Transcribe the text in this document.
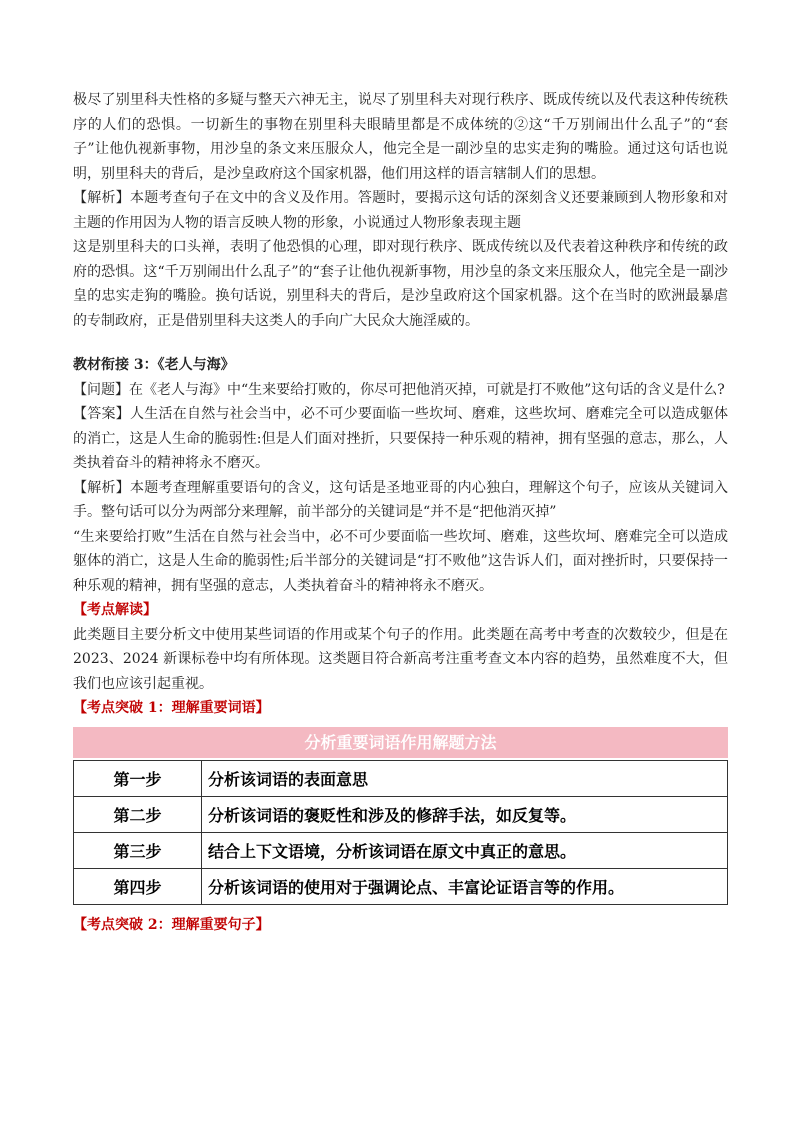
极尽了别里科夫性格的多疑与整天六神无主，说尽了别里科夫对现行秩序、既成传统以及代表这种传统秩序的人们的恐惧。一切新生的事物在别里科夫眼睛里都是不成体统的②这“千万别闹出什么乱子”的“套子”让他仇视新事物，用沙皇的条文来压服众人，他完全是一副沙皇的忠实走狗的嘴脸。通过这句话也说明，别里科夫的背后，是沙皇政府这个国家机器，他们用这样的语言辖制人们的思想。

【解析】本题考查句子在文中的含义及作用。答题时，要揭示这句话的深刻含义还要兼顾到人物形象和对主题的作用因为人物的语言反映人物的形象，小说通过人物形象表现主题

这是别里科夫的口头禅，表明了他恐惧的心理，即对现行秩序、既成传统以及代表着这种秩序和传统的政府的恐惧。这“千万别闹出什么乱子”的“套子让他仇视新事物，用沙皇的条文来压服众人，他完全是一副沙皇的忠实走狗的嘴脸。换句话说，别里科夫的背后，是沙皇政府这个国家机器。这个在当时的欧洲最暴虐的专制政府，正是借别里科夫这类人的手向广大民众大施淫威的。

教材衔接 3：《老人与海》

【问题】在《老人与海》中“生来要给打败的，你尽可把他消灭掉，可就是打不败他”这句话的含义是什么?

【答案】人生活在自然与社会当中，必不可少要面临一些坎坷、磨难，这些坎坷、磨难完全可以造成躯体的消亡，这是人生命的脆弱性:但是人们面对挫折，只要保持一种乐观的精神，拥有坚强的意志，那么，人类执着奋斗的精神将永不磨灭。

【解析】本题考查理解重要语句的含义，这句话是圣地亚哥的内心独白，理解这个句子，应该从关键词入手。整句话可以分为两部分来理解，前半部分的关键词是“并不是“把他消灭掉”

“生来要给打败”生活在自然与社会当中，必不可少要面临一些坎坷、磨难，这些坎坷、磨难完全可以造成躯体的消亡，这是人生命的脆弱性;后半部分的关键词是“打不败他”这告诉人们，面对挫折时，只要保持一种乐观的精神，拥有坚强的意志，人类执着奋斗的精神将永不磨灭。

【考点解读】

此类题目主要分析文中使用某些词语的作用或某个句子的作用。此类题在高考中考查的次数较少，但是在 2023、2024 新课标卷中均有所体现。这类题目符合新高考注重考查文本内容的趋势，虽然难度不大，但我们也应该引起重视。

【考点突破 1：理解重要词语】

分析重要词语作用解题方法
第一步	分析该词语的表面意思
第二步	分析该词语的褒贬性和涉及的修辞手法，如反复等。
第三步	结合上下文语境，分析该词语在原文中真正的意思。
第四步	分析该词语的使用对于强调论点、丰富论证语言等的作用。

【考点突破 2：理解重要句子】
